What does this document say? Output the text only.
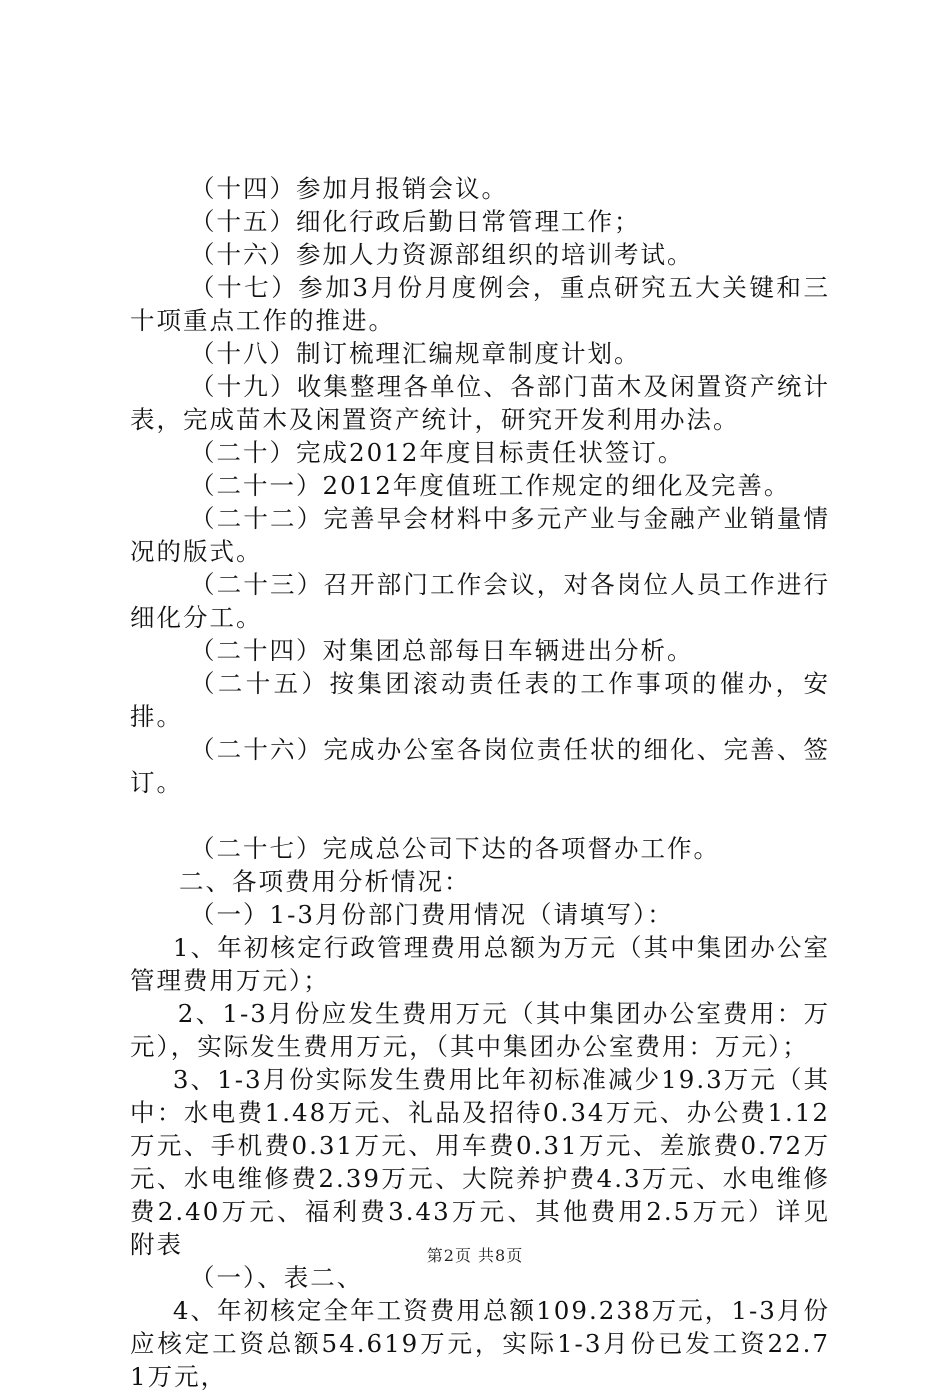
（十四）参加月报销会议。

（十五）细化行政后勤日常管理工作；

（十六）参加人力资源部组织的培训考试。

（十七）参加3月份月度例会，重点研究五大关键和三十项重点工作的推进。

（十八）制订梳理汇编规章制度计划。

（十九）收集整理各单位、各部门苗木及闲置资产统计表，完成苗木及闲置资产统计，研究开发利用办法。

（二十）完成2012年度目标责任状签订。

（二十一）2012年度值班工作规定的细化及完善。

（二十二）完善早会材料中多元产业与金融产业销量情况的版式。

（二十三）召开部门工作会议，对各岗位人员工作进行细化分工。

（二十四）对集团总部每日车辆进出分析。

（二十五）按集团滚动责任表的工作事项的催办，安排。

（二十六）完成办公室各岗位责任状的细化、完善、签订。

（二十七）完成总公司下达的各项督办工作。

二、各项费用分析情况：

（一）1-3月份部门费用情况（请填写）：

1、年初核定行政管理费用总额为万元（其中集团办公室管理费用万元）；

2、1-3月份应发生费用万元（其中集团办公室费用：万元），实际发生费用万元，（其中集团办公室费用：万元）；

3、1-3月份实际发生费用比年初标准减少19.3万元（其中：水电费1.48万元、礼品及招待0.34万元、办公费1.12万元、手机费0.31万元、用车费0.31万元、差旅费0.72万元、水电维修费2.39万元、大院养护费4.3万元、水电维修费2.40万元、福利费3.43万元、其他费用2.5万元）详见附表

（一）、表二、

4、年初核定全年工资费用总额109.238万元，1-3月份应核定工资总额54.619万元，实际1-3月份已发工资22.71万元，

第2页 共8页
